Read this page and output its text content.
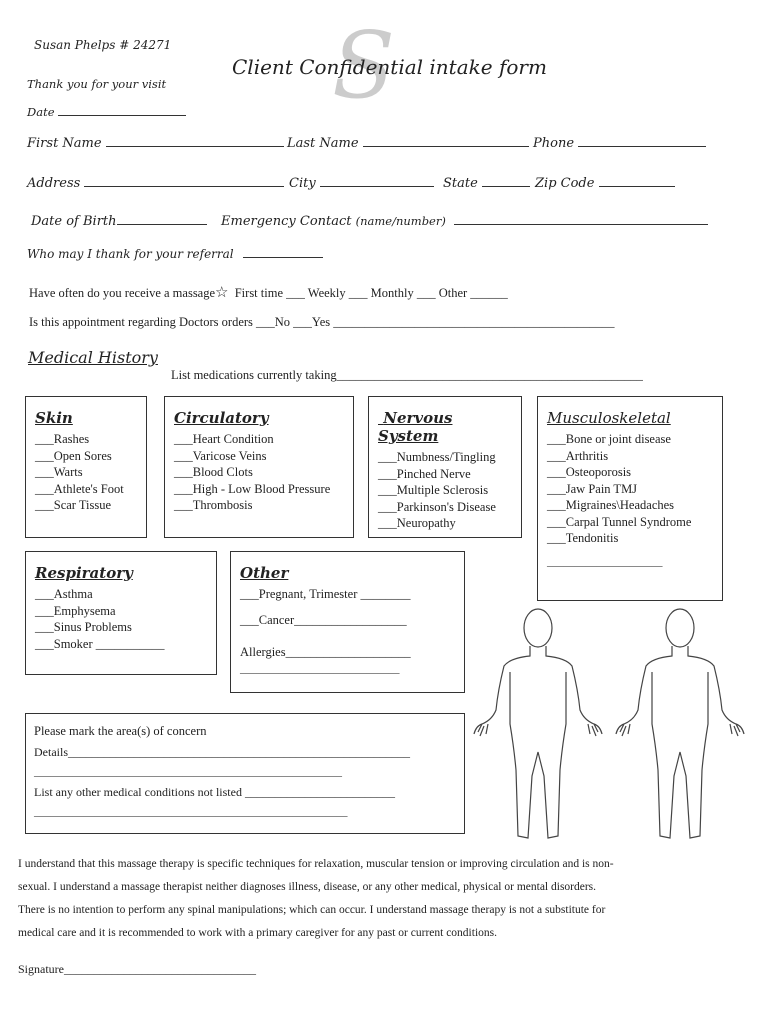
Susan Phelps # 24271 S
Client Confidential intake form
Thank you for your visit
Date
First Name	Last Name	Phone
Address	City	State	Zip Code
Date of Birth	Emergency Contact (name/number)
Who may I thank for your referral
Have often do you receive a massage☆ First time ___ Weekly ___ Monthly ___ Other ______
Is this appointment regarding Doctors orders ___No ___Yes _____________________________________________
Medical History
List medications currently taking_________________________________________________
Skin
___Rashes
___Open Sores
___Warts
___Athlete's Foot
___Scar Tissue
Circulatory
___Heart Condition
___Varicose Veins
___Blood Clots
___High - Low Blood Pressure
___Thrombosis
Nervous
System
___Numbness/Tingling
___Pinched Nerve
___Multiple Sclerosis
___Parkinson's Disease
___Neuropathy
Musculoskeletal
___Bone or joint disease
___Arthritis
___Osteoporosis
___Jaw Pain TMJ
___Migraines\Headaches
___Carpal Tunnel Syndrome
___Tendonitis
_____________________
Respiratory
___Asthma
___Emphysema
___Sinus Problems
___Smoker ___________
Other
___Pregnant, Trimester ________
___Cancer__________________
Allergies____________________
_____________________________
Please mark the area(s) of concern
Details_________________________________________________________
________________________________________________________
List any other medical conditions not listed _________________________
_________________________________________________________
I understand that this massage therapy is specific techniques for relaxation, muscular tension or improving circulation and is non-
sexual. I understand a massage therapist neither diagnoses illness, disease, or any other medical, physical or mental disorders.
There is no intention to perform any spinal manipulations; which can occur. I understand massage therapy is not a substitute for
medical care and it is recommended to work with a primary caregiver for any past or current conditions.
Signature________________________________
